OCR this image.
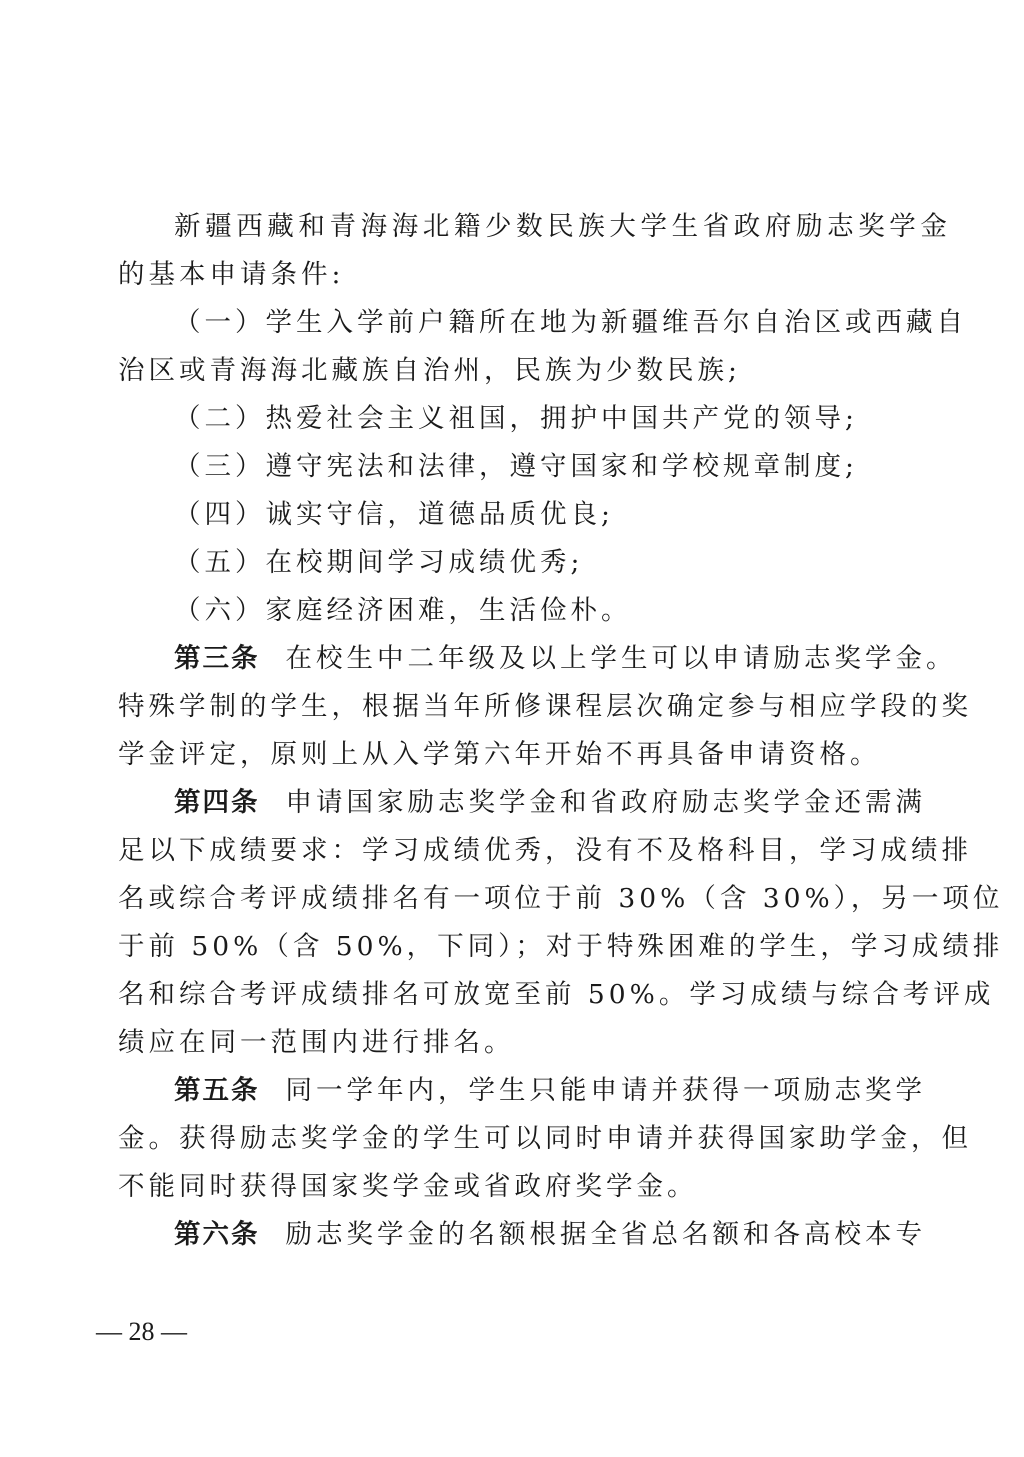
新疆西藏和青海海北籍少数民族大学生省政府励志奖学金
的基本申请条件:
（一）学生入学前户籍所在地为新疆维吾尔自治区或西藏自
治区或青海海北藏族自治州，民族为少数民族;
（二）热爱社会主义祖国，拥护中国共产党的领导;
（三）遵守宪法和法律，遵守国家和学校规章制度;
（四）诚实守信，道德品质优良;
（五）在校期间学习成绩优秀;
（六）家庭经济困难，生活俭朴。
第三条 在校生中二年级及以上学生可以申请励志奖学金。
特殊学制的学生，根据当年所修课程层次确定参与相应学段的奖
学金评定，原则上从入学第六年开始不再具备申请资格。
第四条 申请国家励志奖学金和省政府励志奖学金还需满
足以下成绩要求：学习成绩优秀，没有不及格科目，学习成绩排
名或综合考评成绩排名有一项位于前 30%（含 30%），另一项位
于前 50%（含 50%，下同）；对于特殊困难的学生，学习成绩排
名和综合考评成绩排名可放宽至前 50%。学习成绩与综合考评成
绩应在同一范围内进行排名。
第五条 同一学年内，学生只能申请并获得一项励志奖学
金。获得励志奖学金的学生可以同时申请并获得国家助学金，但
不能同时获得国家奖学金或省政府奖学金。
第六条 励志奖学金的名额根据全省总名额和各高校本专
— 28 —
